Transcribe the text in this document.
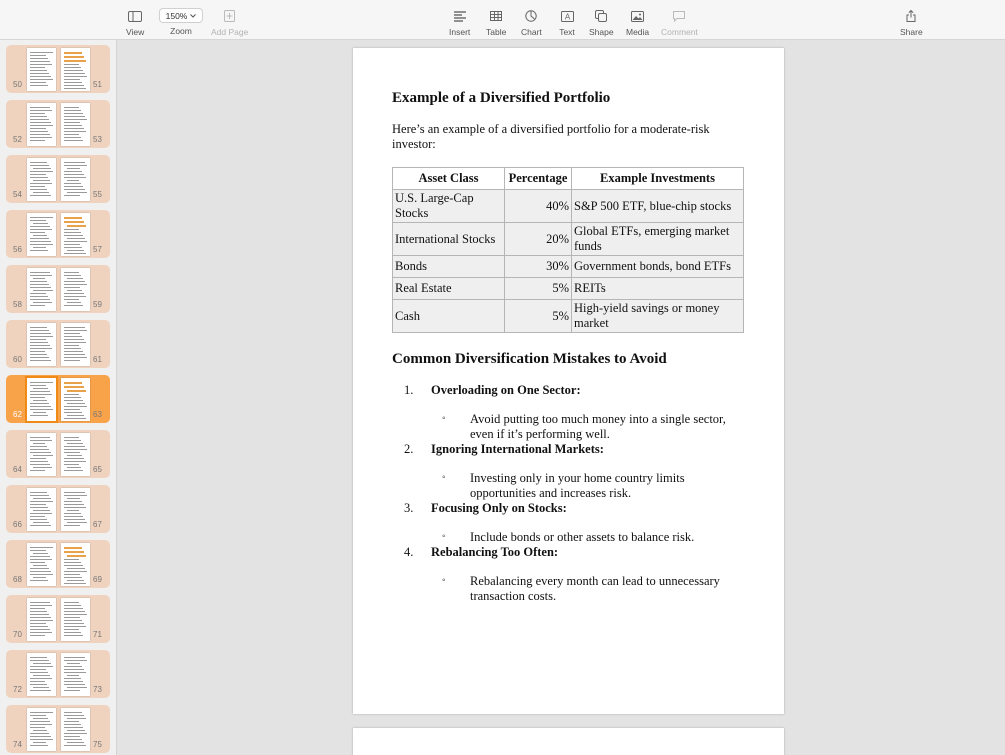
View
150%
Zoom Add Page	Insert Table Chart
A
Text Shape Media Comment	Share
50	51
52	53
54	55
56	57
58	59
60	61
62	63
64	65
66	67
68	69
70	71
72	73
74	75
Example of a Diversified Portfolio
Here’s an example of a diversified portfolio for a moderate-risk investor:
Asset Class	Percentage	Example Investments
U.S. Large-Cap Stocks	40%	S&P 500 ETF, blue-chip stocks
International Stocks	20%	Global ETFs, emerging market funds
Bonds	30%	Government bonds, bond ETFs
Real Estate	5%	REITs
Cash	5%	High-yield savings or money market
Common Diversification Mistakes to Avoid
1.	Overloading on One Sector:
◦ Avoid putting too much money into a single sector, even if it’s performing well.
2.	Ignoring International Markets:
◦ Investing only in your home country limits opportunities and increases risk.
3.	Focusing Only on Stocks:
◦ Include bonds or other assets to balance risk.
4.	Rebalancing Too Often:
◦ Rebalancing every month can lead to unnecessary transaction costs.
